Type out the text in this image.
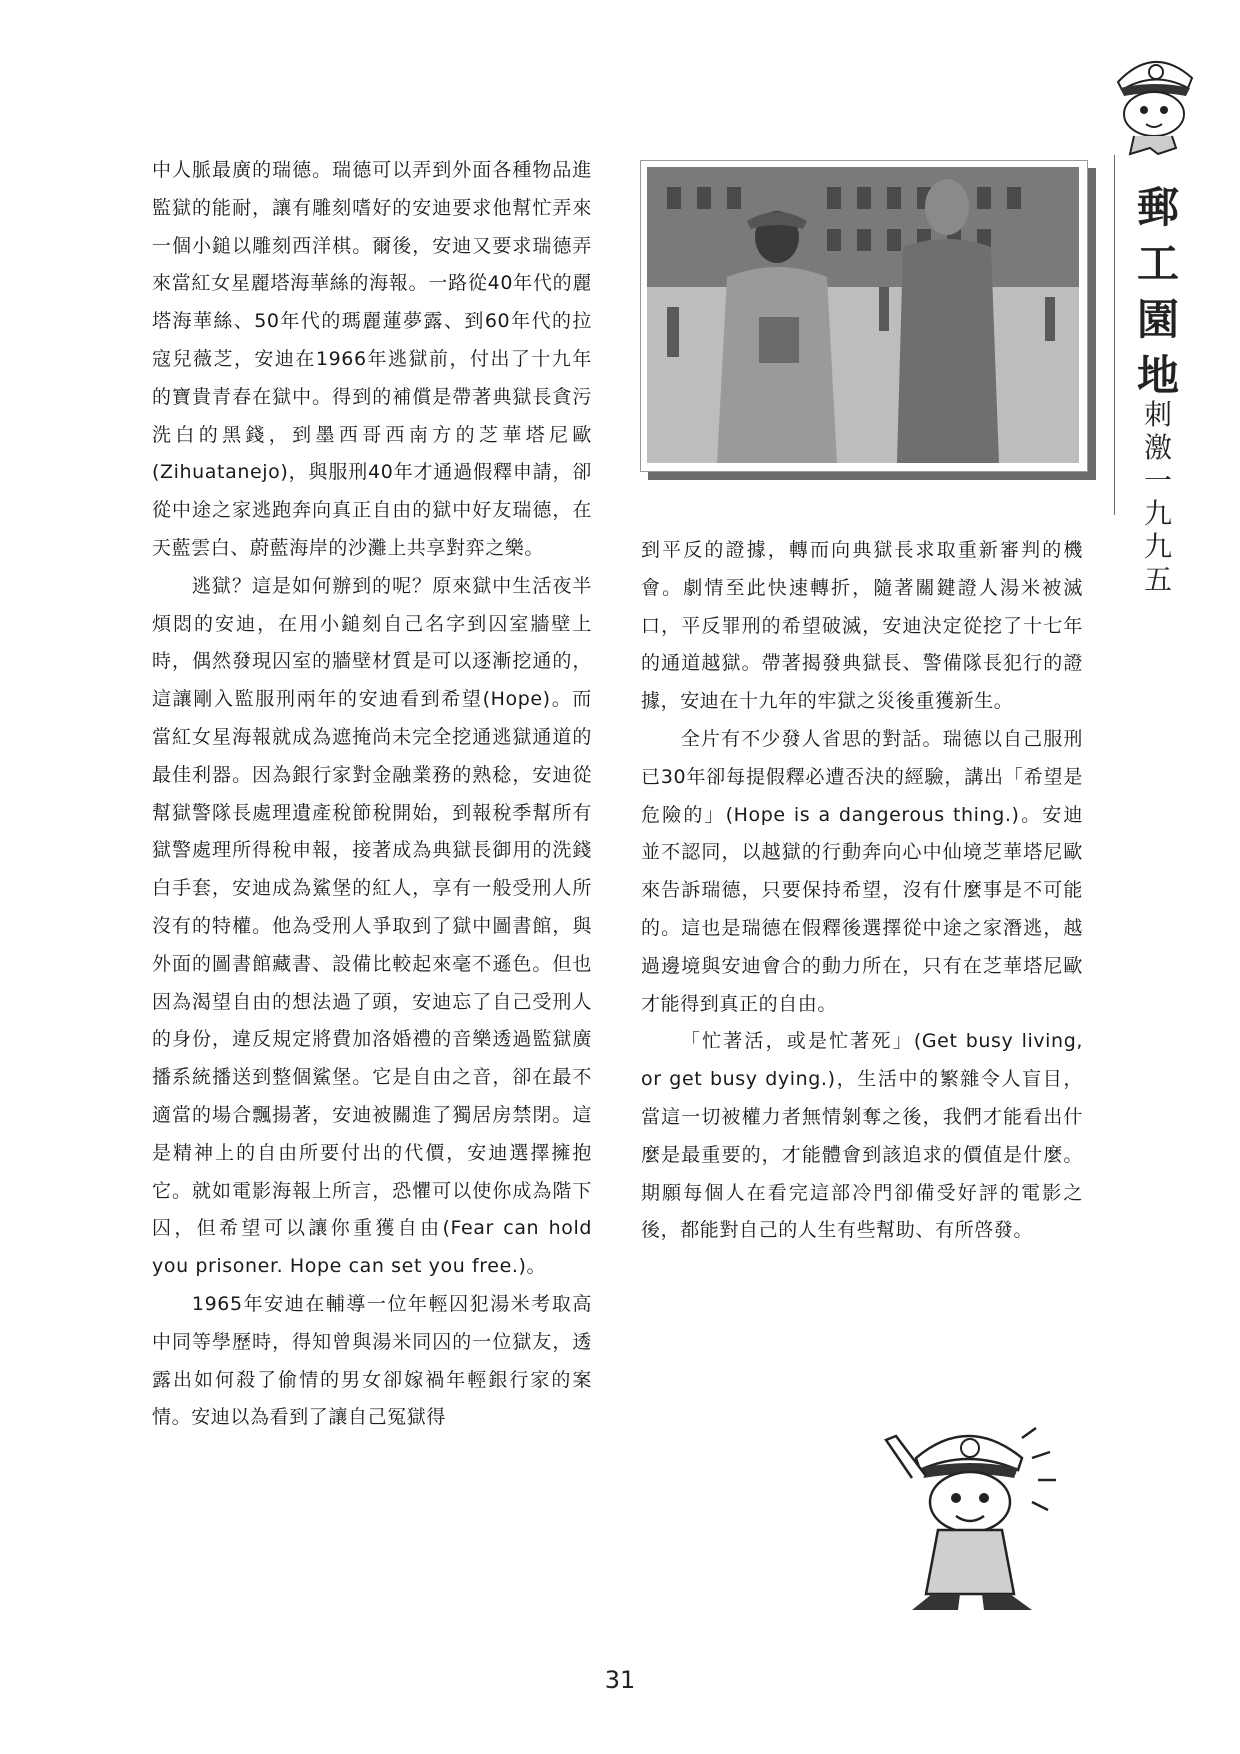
郵工園地
刺激一九九五

中人脈最廣的瑞德。瑞德可以弄到外面各種物品進監獄的能耐，讓有雕刻嗜好的安迪要求他幫忙弄來一個小鎚以雕刻西洋棋。爾後，安迪又要求瑞德弄來當紅女星麗塔海華絲的海報。一路從40年代的麗塔海華絲、50年代的瑪麗蓮夢露、到60年代的拉寇兒薇芝，安迪在1966年逃獄前，付出了十九年的寶貴青春在獄中。得到的補償是帶著典獄長貪污洗白的黑錢，到墨西哥西南方的芝華塔尼歐(Zihuatanejo)，與服刑40年才通過假釋申請，卻從中途之家逃跑奔向真正自由的獄中好友瑞德，在天藍雲白、蔚藍海岸的沙灘上共享對弈之樂。

逃獄？這是如何辦到的呢？原來獄中生活夜半煩悶的安迪，在用小鎚刻自己名字到囚室牆壁上時，偶然發現囚室的牆壁材質是可以逐漸挖通的，這讓剛入監服刑兩年的安迪看到希望(Hope)。而當紅女星海報就成為遮掩尚未完全挖通逃獄通道的最佳利器。因為銀行家對金融業務的熟稔，安迪從幫獄警隊長處理遺產稅節稅開始，到報稅季幫所有獄警處理所得稅申報，接著成為典獄長御用的洗錢白手套，安迪成為鯊堡的紅人，享有一般受刑人所沒有的特權。他為受刑人爭取到了獄中圖書館，與外面的圖書館藏書、設備比較起來毫不遜色。但也因為渴望自由的想法過了頭，安迪忘了自己受刑人的身份，違反規定將費加洛婚禮的音樂透過監獄廣播系統播送到整個鯊堡。它是自由之音，卻在最不適當的場合飄揚著，安迪被關進了獨居房禁閉。這是精神上的自由所要付出的代價，安迪選擇擁抱它。就如電影海報上所言，恐懼可以使你成為階下囚，但希望可以讓你重獲自由(Fear can hold you prisoner. Hope can set you free.)。

1965年安迪在輔導一位年輕囚犯湯米考取高中同等學歷時，得知曾與湯米同囚的一位獄友，透露出如何殺了偷情的男女卻嫁禍年輕銀行家的案情。安迪以為看到了讓自己冤獄得

到平反的證據，轉而向典獄長求取重新審判的機會。劇情至此快速轉折，隨著關鍵證人湯米被滅口，平反罪刑的希望破滅，安迪決定從挖了十七年的通道越獄。帶著揭發典獄長、警備隊長犯行的證據，安迪在十九年的牢獄之災後重獲新生。

全片有不少發人省思的對話。瑞德以自己服刑已30年卻每提假釋必遭否決的經驗，講出「希望是危險的」(Hope is a dangerous thing.)。安迪並不認同，以越獄的行動奔向心中仙境芝華塔尼歐來告訴瑞德，只要保持希望，沒有什麼事是不可能的。這也是瑞德在假釋後選擇從中途之家潛逃，越過邊境與安迪會合的動力所在，只有在芝華塔尼歐才能得到真正的自由。

「忙著活，或是忙著死」(Get busy living, or get busy dying.)，生活中的繁雜令人盲目，當這一切被權力者無情剝奪之後，我們才能看出什麼是最重要的，才能體會到該追求的價值是什麼。期願每個人在看完這部冷門卻備受好評的電影之後，都能對自己的人生有些幫助、有所啓發。

31
